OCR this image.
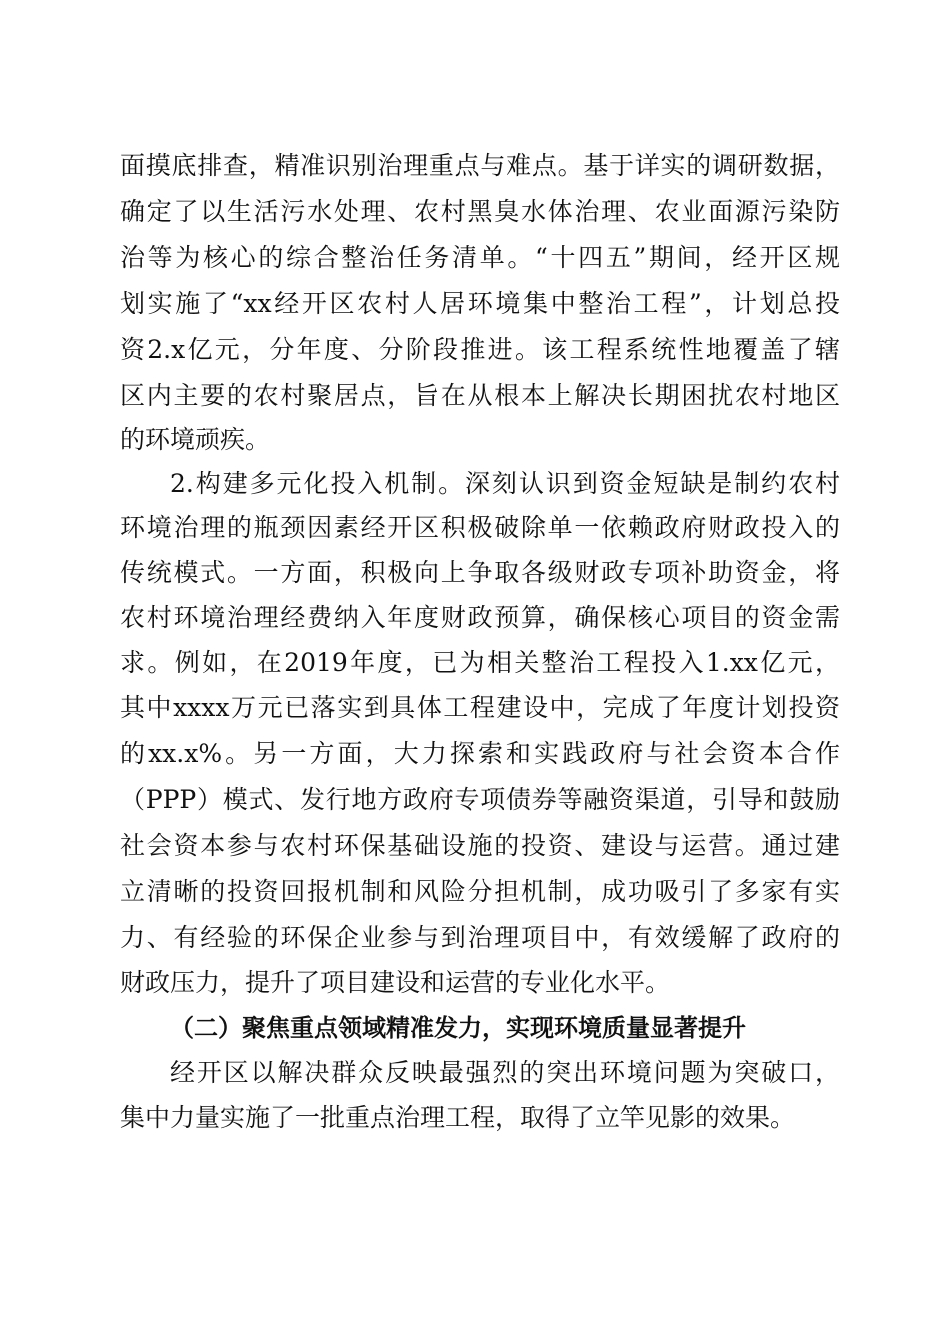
面摸底排查，精准识别治理重点与难点。基于详实的调研数据，
确定了以生活污水处理、农村黑臭水体治理、农业面源污染防
治等为核心的综合整治任务清单。“十四五”期间，经开区规
划实施了“xx经开区农村人居环境集中整治工程”，计划总投
资2.x亿元，分年度、分阶段推进。该工程系统性地覆盖了辖
区内主要的农村聚居点，旨在从根本上解决长期困扰农村地区
的环境顽疾。
2.构建多元化投入机制。深刻认识到资金短缺是制约农村
环境治理的瓶颈因素经开区积极破除单一依赖政府财政投入的
传统模式。一方面，积极向上争取各级财政专项补助资金，将
农村环境治理经费纳入年度财政预算，确保核心项目的资金需
求。例如，在2019年度，已为相关整治工程投入1.xx亿元，
其中xxxx万元已落实到具体工程建设中，完成了年度计划投资
的xx.x%。另一方面，大力探索和实践政府与社会资本合作
（PPP）模式、发行地方政府专项债券等融资渠道，引导和鼓励
社会资本参与农村环保基础设施的投资、建设与运营。通过建
立清晰的投资回报机制和风险分担机制，成功吸引了多家有实
力、有经验的环保企业参与到治理项目中，有效缓解了政府的
财政压力，提升了项目建设和运营的专业化水平。
（二）聚焦重点领域精准发力，实现环境质量显著提升
经开区以解决群众反映最强烈的突出环境问题为突破口，
集中力量实施了一批重点治理工程，取得了立竿见影的效果。
